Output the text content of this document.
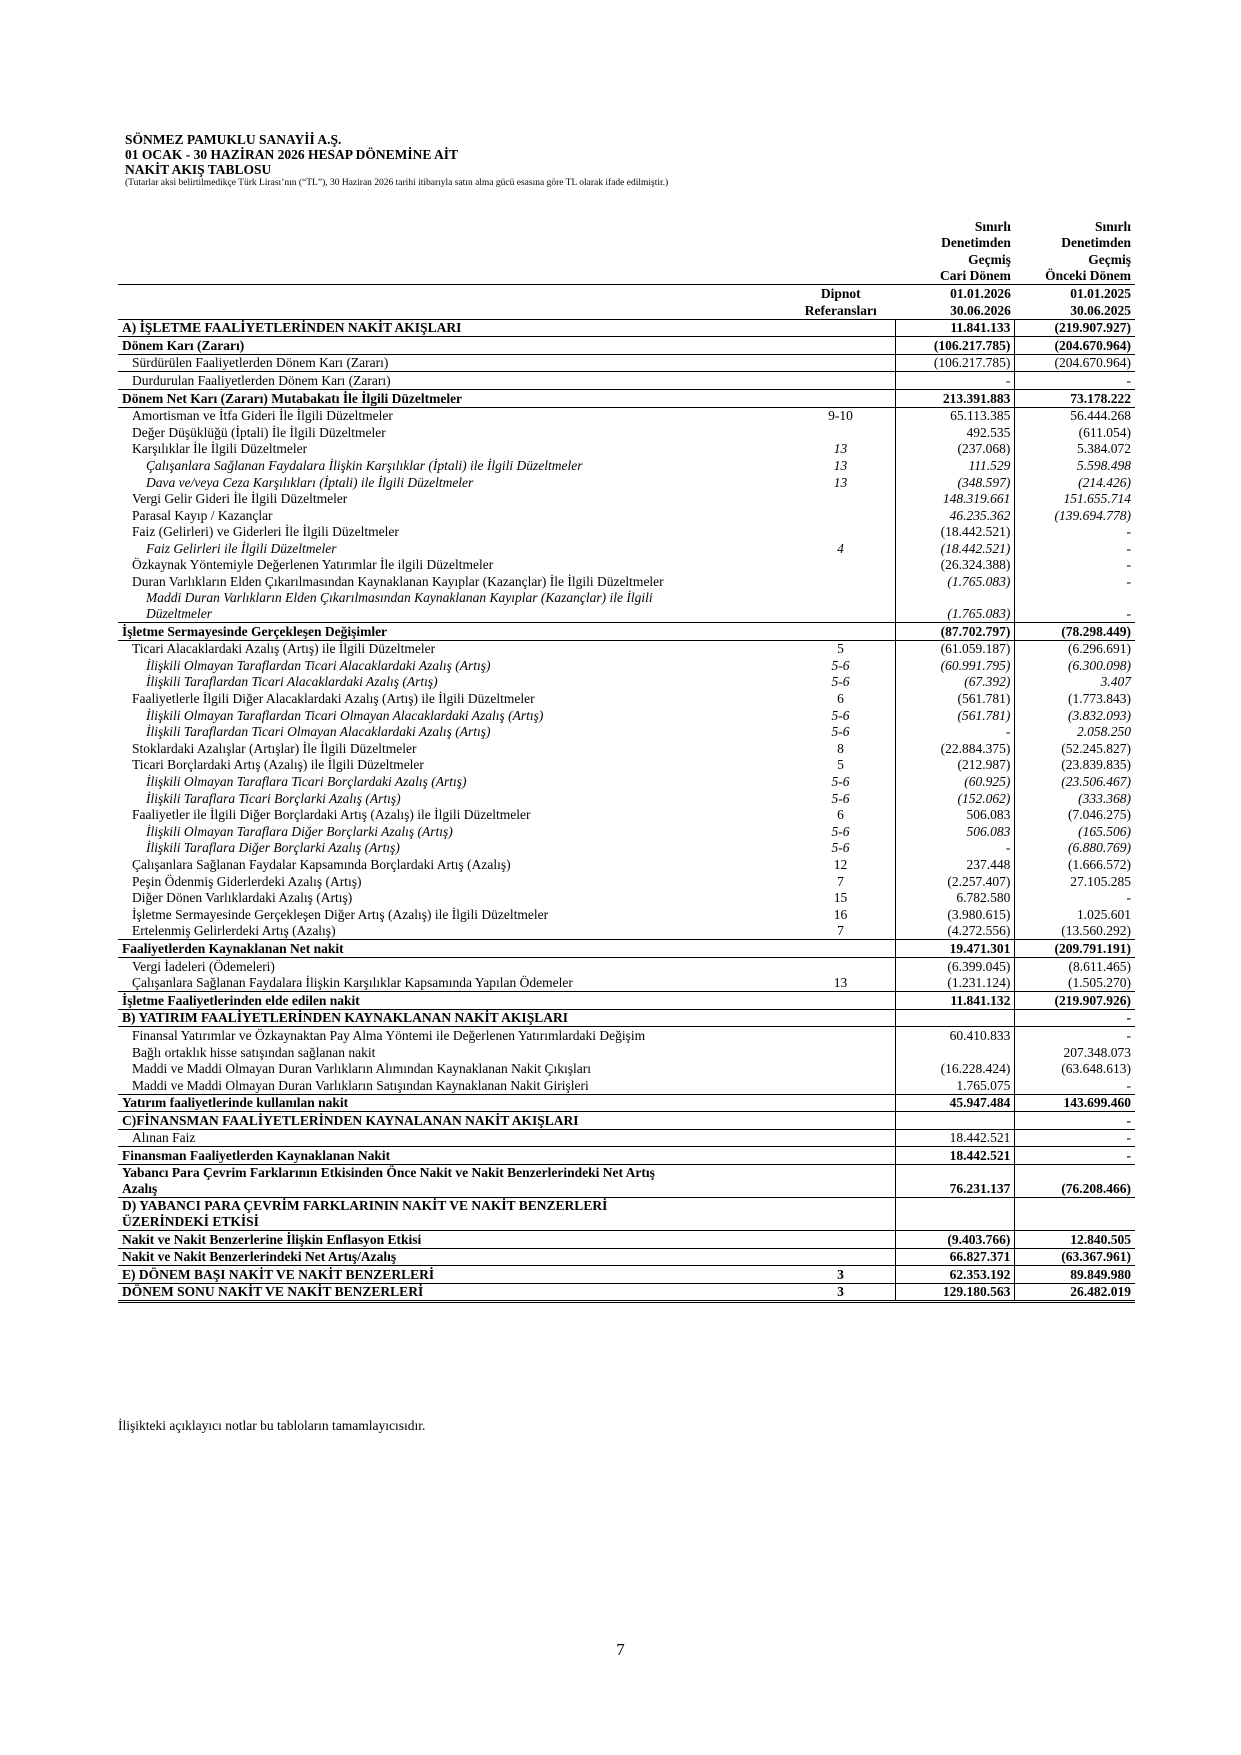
SÖNMEZ PAMUKLU SANAYİİ A.Ş.
01 OCAK - 30 HAZİRAN 2026 HESAP DÖNEMİNE AİT
NAKİT AKIŞ TABLOSU
(Tutarlar aksi belirtilmedikçe Türk Lirası’nın (“TL”), 30 Haziran 2026 tarihi itibarıyla satın alma gücü esasına göre TL olarak ifade edilmiştir.)
		Sınırlı	Sınırlı
		Denetimden	Denetimden
		Geçmiş	Geçmiş
		Cari Dönem	Önceki Dönem
	Dipnot	01.01.2026	01.01.2025
	Referansları	30.06.2026	30.06.2025
A) İŞLETME FAALİYETLERİNDEN NAKİT AKIŞLARI		11.841.133	(219.907.927)
Dönem Karı (Zararı)		(106.217.785)	(204.670.964)
Sürdürülen Faaliyetlerden Dönem Karı (Zararı)		(106.217.785)	(204.670.964)
Durdurulan Faaliyetlerden Dönem Karı (Zararı)		-	-
Dönem Net Karı (Zararı) Mutabakatı İle İlgili Düzeltmeler		213.391.883	73.178.222
Amortisman ve İtfa Gideri İle İlgili Düzeltmeler	9-10	65.113.385	56.444.268
Değer Düşüklüğü (İptali) İle İlgili Düzeltmeler		492.535	(611.054)
Karşılıklar İle İlgili Düzeltmeler	13	(237.068)	5.384.072
Çalışanlara Sağlanan Faydalara İlişkin Karşılıklar (İptali) ile İlgili Düzeltmeler	13	111.529	5.598.498
Dava ve/veya Ceza Karşılıkları (İptali) ile İlgili Düzeltmeler	13	(348.597)	(214.426)
Vergi Gelir Gideri İle İlgili Düzeltmeler		148.319.661	151.655.714
Parasal Kayıp / Kazançlar		46.235.362	(139.694.778)
Faiz (Gelirleri) ve Giderleri İle İlgili Düzeltmeler		(18.442.521)	-
Faiz Gelirleri ile İlgili Düzeltmeler	4	(18.442.521)	-
Özkaynak Yöntemiyle Değerlenen Yatırımlar İle ilgili Düzeltmeler		(26.324.388)	-
Duran Varlıkların Elden Çıkarılmasından Kaynaklanan Kayıplar (Kazançlar) İle İlgili Düzeltmeler		(1.765.083)	-
Maddi Duran Varlıkların Elden Çıkarılmasından Kaynaklanan Kayıplar (Kazançlar) ile İlgili
Düzeltmeler		(1.765.083)	-
İşletme Sermayesinde Gerçekleşen Değişimler		(87.702.797)	(78.298.449)
Ticari Alacaklardaki Azalış (Artış) ile İlgili Düzeltmeler	5	(61.059.187)	(6.296.691)
İlişkili Olmayan Taraflardan Ticari Alacaklardaki Azalış (Artış)	5-6	(60.991.795)	(6.300.098)
İlişkili Taraflardan Ticari Alacaklardaki Azalış (Artış)	5-6	(67.392)	3.407
Faaliyetlerle İlgili Diğer Alacaklardaki Azalış (Artış) ile İlgili Düzeltmeler	6	(561.781)	(1.773.843)
İlişkili Olmayan Taraflardan Ticari Olmayan Alacaklardaki Azalış (Artış)	5-6	(561.781)	(3.832.093)
İlişkili Taraflardan Ticari Olmayan Alacaklardaki Azalış (Artış)	5-6	-	2.058.250
Stoklardaki Azalışlar (Artışlar) İle İlgili Düzeltmeler	8	(22.884.375)	(52.245.827)
Ticari Borçlardaki Artış (Azalış) ile İlgili Düzeltmeler	5	(212.987)	(23.839.835)
İlişkili Olmayan Taraflara Ticari Borçlardaki Azalış (Artış)	5-6	(60.925)	(23.506.467)
İlişkili Taraflara Ticari Borçlarki Azalış (Artış)	5-6	(152.062)	(333.368)
Faaliyetler ile İlgili Diğer Borçlardaki Artış (Azalış) ile İlgili Düzeltmeler	6	506.083	(7.046.275)
İlişkili Olmayan Taraflara Diğer Borçlarki Azalış (Artış)	5-6	506.083	(165.506)
İlişkili Taraflara Diğer Borçlarki Azalış (Artış)	5-6	-	(6.880.769)
Çalışanlara Sağlanan Faydalar Kapsamında Borçlardaki Artış (Azalış)	12	237.448	(1.666.572)
Peşin Ödenmiş Giderlerdeki Azalış (Artış)	7	(2.257.407)	27.105.285
Diğer Dönen Varlıklardaki Azalış (Artış)	15	6.782.580	-
İşletme Sermayesinde Gerçekleşen Diğer Artış (Azalış) ile İlgili Düzeltmeler	16	(3.980.615)	1.025.601
Ertelenmiş Gelirlerdeki Artış (Azalış)	7	(4.272.556)	(13.560.292)
Faaliyetlerden Kaynaklanan Net nakit		19.471.301	(209.791.191)
Vergi İadeleri (Ödemeleri)		(6.399.045)	(8.611.465)
Çalışanlara Sağlanan Faydalara İlişkin Karşılıklar Kapsamında Yapılan Ödemeler	13	(1.231.124)	(1.505.270)
İşletme Faaliyetlerinden elde edilen nakit		11.841.132	(219.907.926)
B) YATIRIM FAALİYETLERİNDEN KAYNAKLANAN NAKİT AKIŞLARI			-
Finansal Yatırımlar ve Özkaynaktan Pay Alma Yöntemi ile Değerlenen Yatırımlardaki Değişim		60.410.833	-
Bağlı ortaklık hisse satışından sağlanan nakit			207.348.073
Maddi ve Maddi Olmayan Duran Varlıkların Alımından Kaynaklanan Nakit Çıkışları		(16.228.424)	(63.648.613)
Maddi ve Maddi Olmayan Duran Varlıkların Satışından Kaynaklanan Nakit Girişleri		1.765.075	-
Yatırım faaliyetlerinde kullanılan nakit		45.947.484	143.699.460
C)FİNANSMAN FAALİYETLERİNDEN KAYNALANAN NAKİT AKIŞLARI			-
Alınan Faiz		18.442.521	-
Finansman Faaliyetlerden Kaynaklanan Nakit		18.442.521	-
Yabancı Para Çevrim Farklarının Etkisinden Önce Nakit ve Nakit Benzerlerindeki Net Artış
Azalış		76.231.137	(76.208.466)
D) YABANCI PARA ÇEVRİM FARKLARININ NAKİT VE NAKİT BENZERLERİ
ÜZERİNDEKİ ETKİSİ			
Nakit ve Nakit Benzerlerine İlişkin Enflasyon Etkisi		(9.403.766)	12.840.505
Nakit ve Nakit Benzerlerindeki Net Artış/Azalış		66.827.371	(63.367.961)
E) DÖNEM BAŞI NAKİT VE NAKİT BENZERLERİ	3	62.353.192	89.849.980
DÖNEM SONU NAKİT VE NAKİT BENZERLERİ	3	129.180.563	26.482.019
İlişikteki açıklayıcı notlar bu tabloların tamamlayıcısıdır.
7
